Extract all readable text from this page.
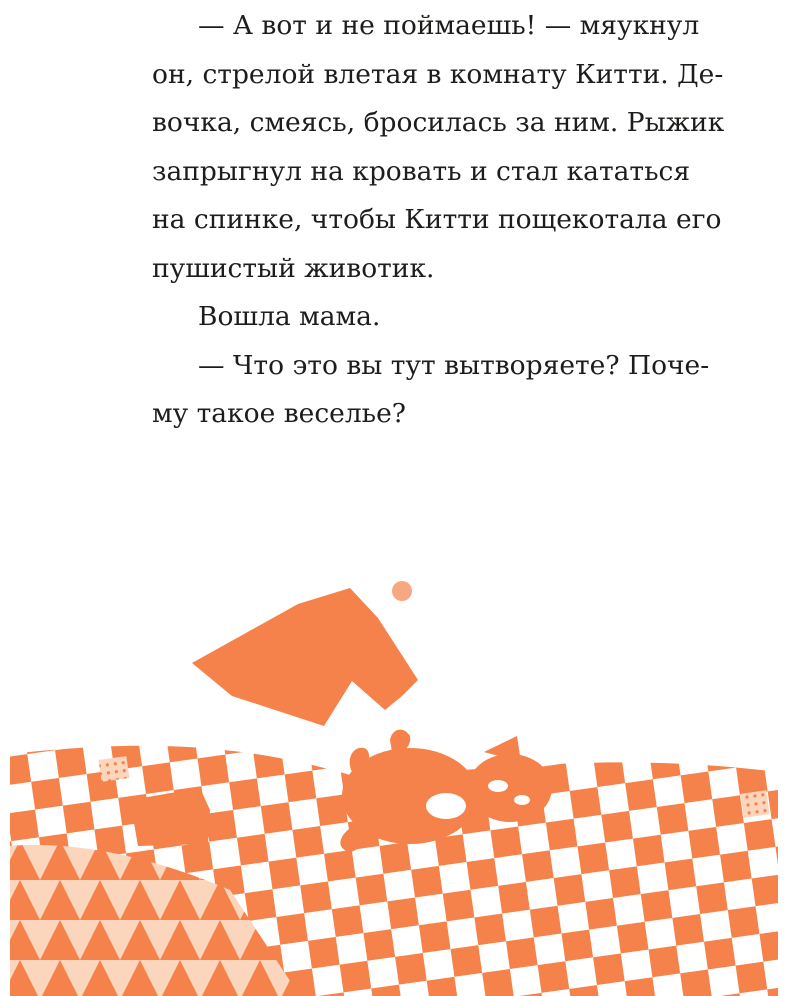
— А вот и не поймаешь! — мяукнул
он, стрелой влетая в комнату Китти. Де-
вочка, смеясь, бросилась за ним. Рыжик
запрыгнул на кровать и стал кататься
на спинке, чтобы Китти пощекотала его
пушистый животик.
Вошла мама.
— Что это вы тут вытворяете? Поче-
му такое веселье?
